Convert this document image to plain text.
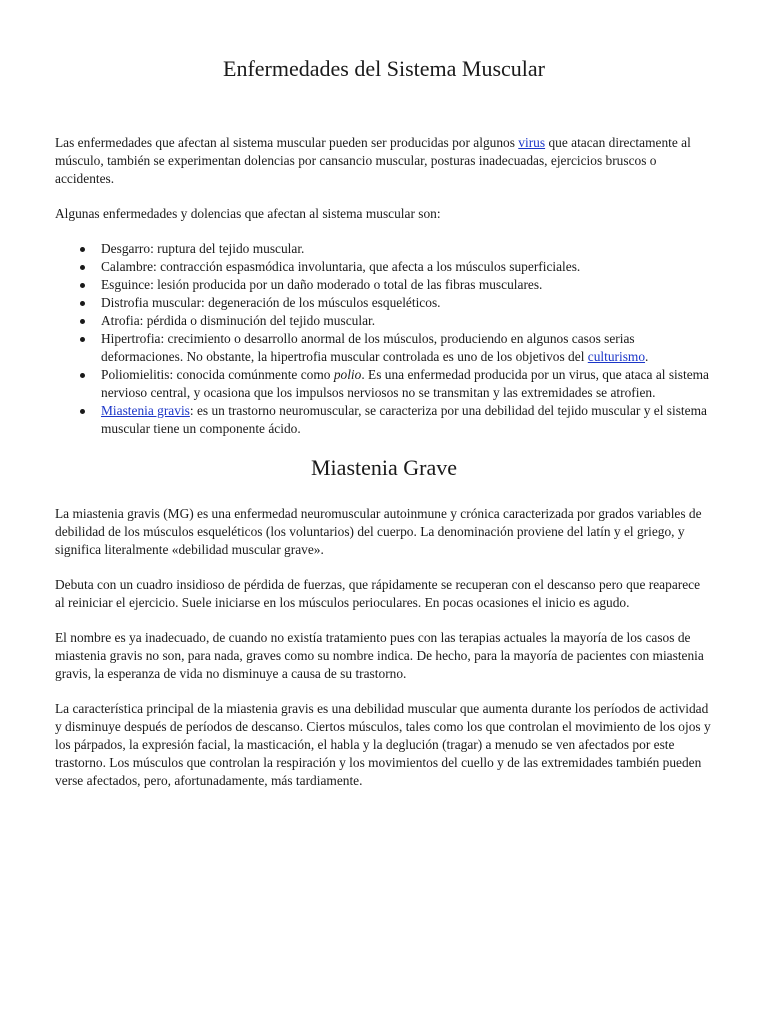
Enfermedades del Sistema Muscular

Las enfermedades que afectan al sistema muscular pueden ser producidas por algunos virus que atacan directamente al músculo, también se experimentan dolencias por cansancio muscular, posturas inadecuadas, ejercicios bruscos o accidentes.

Algunas enfermedades y dolencias que afectan al sistema muscular son:

Desgarro: ruptura del tejido muscular.
Calambre: contracción espasmódica involuntaria, que afecta a los músculos superficiales.
Esguince: lesión producida por un daño moderado o total de las fibras musculares.
Distrofia muscular: degeneración de los músculos esqueléticos.
Atrofia: pérdida o disminución del tejido muscular.
Hipertrofia: crecimiento o desarrollo anormal de los músculos, produciendo en algunos casos serias deformaciones. No obstante, la hipertrofia muscular controlada es uno de los objetivos del culturismo.
Poliomielitis: conocida comúnmente como polio. Es una enfermedad producida por un virus, que ataca al sistema nervioso central, y ocasiona que los impulsos nerviosos no se transmitan y las extremidades se atrofien.
Miastenia gravis: es un trastorno neuromuscular, se caracteriza por una debilidad del tejido muscular y el sistema muscular tiene un componente ácido.
Miastenia Grave

La miastenia gravis (MG) es una enfermedad neuromuscular autoinmune y crónica caracterizada por grados variables de debilidad de los músculos esqueléticos (los voluntarios) del cuerpo. La denominación proviene del latín y el griego, y significa literalmente «debilidad muscular grave».

Debuta con un cuadro insidioso de pérdida de fuerzas, que rápidamente se recuperan con el descanso pero que reaparece al reiniciar el ejercicio. Suele iniciarse en los músculos perioculares. En pocas ocasiones el inicio es agudo.

El nombre es ya inadecuado, de cuando no existía tratamiento pues con las terapias actuales la mayoría de los casos de miastenia gravis no son, para nada, graves como su nombre indica. De hecho, para la mayoría de pacientes con miastenia gravis, la esperanza de vida no disminuye a causa de su trastorno.

La característica principal de la miastenia gravis es una debilidad muscular que aumenta durante los períodos de actividad y disminuye después de períodos de descanso. Ciertos músculos, tales como los que controlan el movimiento de los ojos y los párpados, la expresión facial, la masticación, el habla y la deglución (tragar) a menudo se ven afectados por este trastorno. Los músculos que controlan la respiración y los movimientos del cuello y de las extremidades también pueden verse afectados, pero, afortunadamente, más tardiamente.
